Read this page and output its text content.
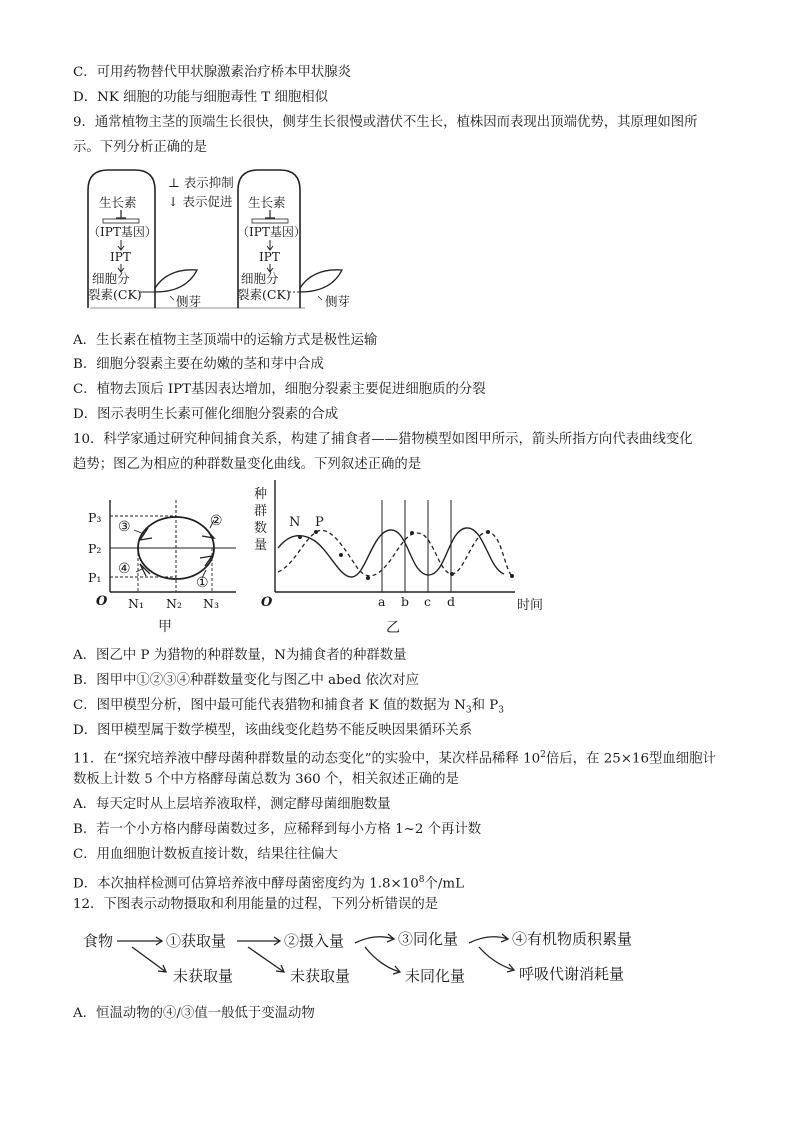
C．可用药物替代甲状腺激素治疗桥本甲状腺炎
D．NK 细胞的功能与细胞毒性 T 细胞相似
9．通常植物主茎的顶端生长很快，侧芽生长很慢或潜伏不生长，植株因而表现出顶端优势，其原理如图所
示。下列分析正确的是
⊥ 表示抑制
↓ 表示促进
生长素
（IPT基因）
IPT
细胞分
裂素(CK)	侧芽
生长素
（IPT基因）
IPT
细胞分
裂素(CK)	侧芽
A．生长素在植物主茎顶端中的运输方式是极性运输
B．细胞分裂素主要在幼嫩的茎和芽中合成
C．植物去顶后 IPT基因表达增加，细胞分裂素主要促进细胞质的分裂
D．图示表明生长素可催化细胞分裂素的合成
10．科学家通过研究种间捕食关系，构建了捕食者——猎物模型如图甲所示，箭头所指方向代表曲线变化
趋势；图乙为相应的种群数量变化曲线。下列叙述正确的是
P₃
P₂
P₁
O N₁ N₂ N₃
①
②
③
④
甲
种
群
数
量
O	时间
乙
a b c d
N P
A．图乙中 P 为猎物的种群数量，N为捕食者的种群数量
B．图甲中①②③④种群数量变化与图乙中 abed 依次对应
C．图甲模型分析，图中最可能代表猎物和捕食者 K 值的数据为 $N_3$和 $P_3$
D．图甲模型属于数学模型，该曲线变化趋势不能反映因果循环关系
11．在“探究培养液中酵母菌种群数量的动态变化”的实验中，某次样品稀释 $10^2$倍后，在 25×16型血细胞计
数板上计数 5 个中方格酵母菌总数为 360 个，相关叙述正确的是
A．每天定时从上层培养液取样，测定酵母菌细胞数量
B．若一个小方格内酵母菌数过多，应稀释到每小方格 1~2 个再计数
C．用血细胞计数板直接计数，结果往往偏大
D．本次抽样检测可估算培养液中酵母菌密度约为 $1.8\times 10^8$个/mL
12．下图表示动物摄取和利用能量的过程，下列分析错误的是
食物	①获取量	②摄入量	③同化量	④有机物质积累量
未获取量	未获取量	未同化量	呼吸代谢消耗量
A．恒温动物的④/③值一般低于变温动物
